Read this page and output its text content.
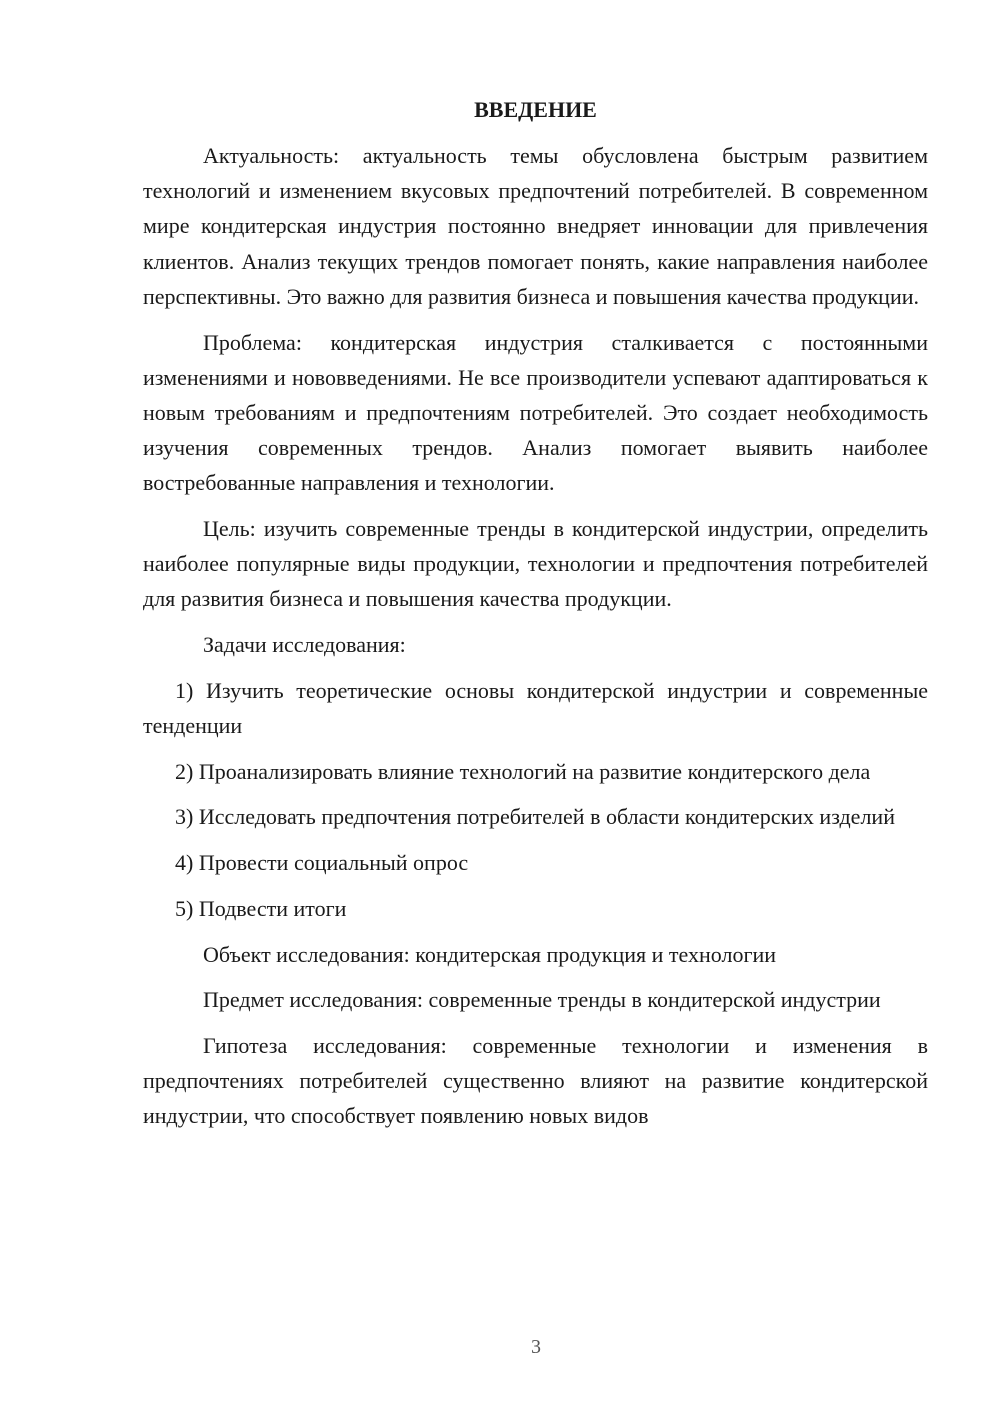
ВВЕДЕНИЕ

Актуальность: актуальность темы обусловлена быстрым развитием технологий и изменением вкусовых предпочтений потребителей. В современном мире кондитерская индустрия постоянно внедряет инновации для привлечения клиентов. Анализ текущих трендов помогает понять, какие направления наиболее перспективны. Это важно для развития бизнеса и повышения качества продукции.

Проблема: кондитерская индустрия сталкивается с постоянными изменениями и нововведениями. Не все производители успевают адаптироваться к новым требованиям и предпочтениям потребителей. Это создает необходимость изучения современных трендов. Анализ помогает выявить наиболее востребованные направления и технологии.

Цель: изучить современные тренды в кондитерской индустрии, определить наиболее популярные виды продукции, технологии и предпочтения потребителей для развития бизнеса и повышения качества продукции.

Задачи исследования:

1) Изучить теоретические основы кондитерской индустрии и современные тенденции

2) Проанализировать влияние технологий на развитие кондитерского дела

3) Исследовать предпочтения потребителей в области кондитерских изделий

4) Провести социальный опрос

5) Подвести итоги

Объект исследования: кондитерская продукция и технологии

Предмет исследования: современные тренды в кондитерской индустрии

Гипотеза исследования: современные технологии и изменения в предпочтениях потребителей существенно влияют на развитие кондитерской индустрии, что способствует появлению новых видов

3
